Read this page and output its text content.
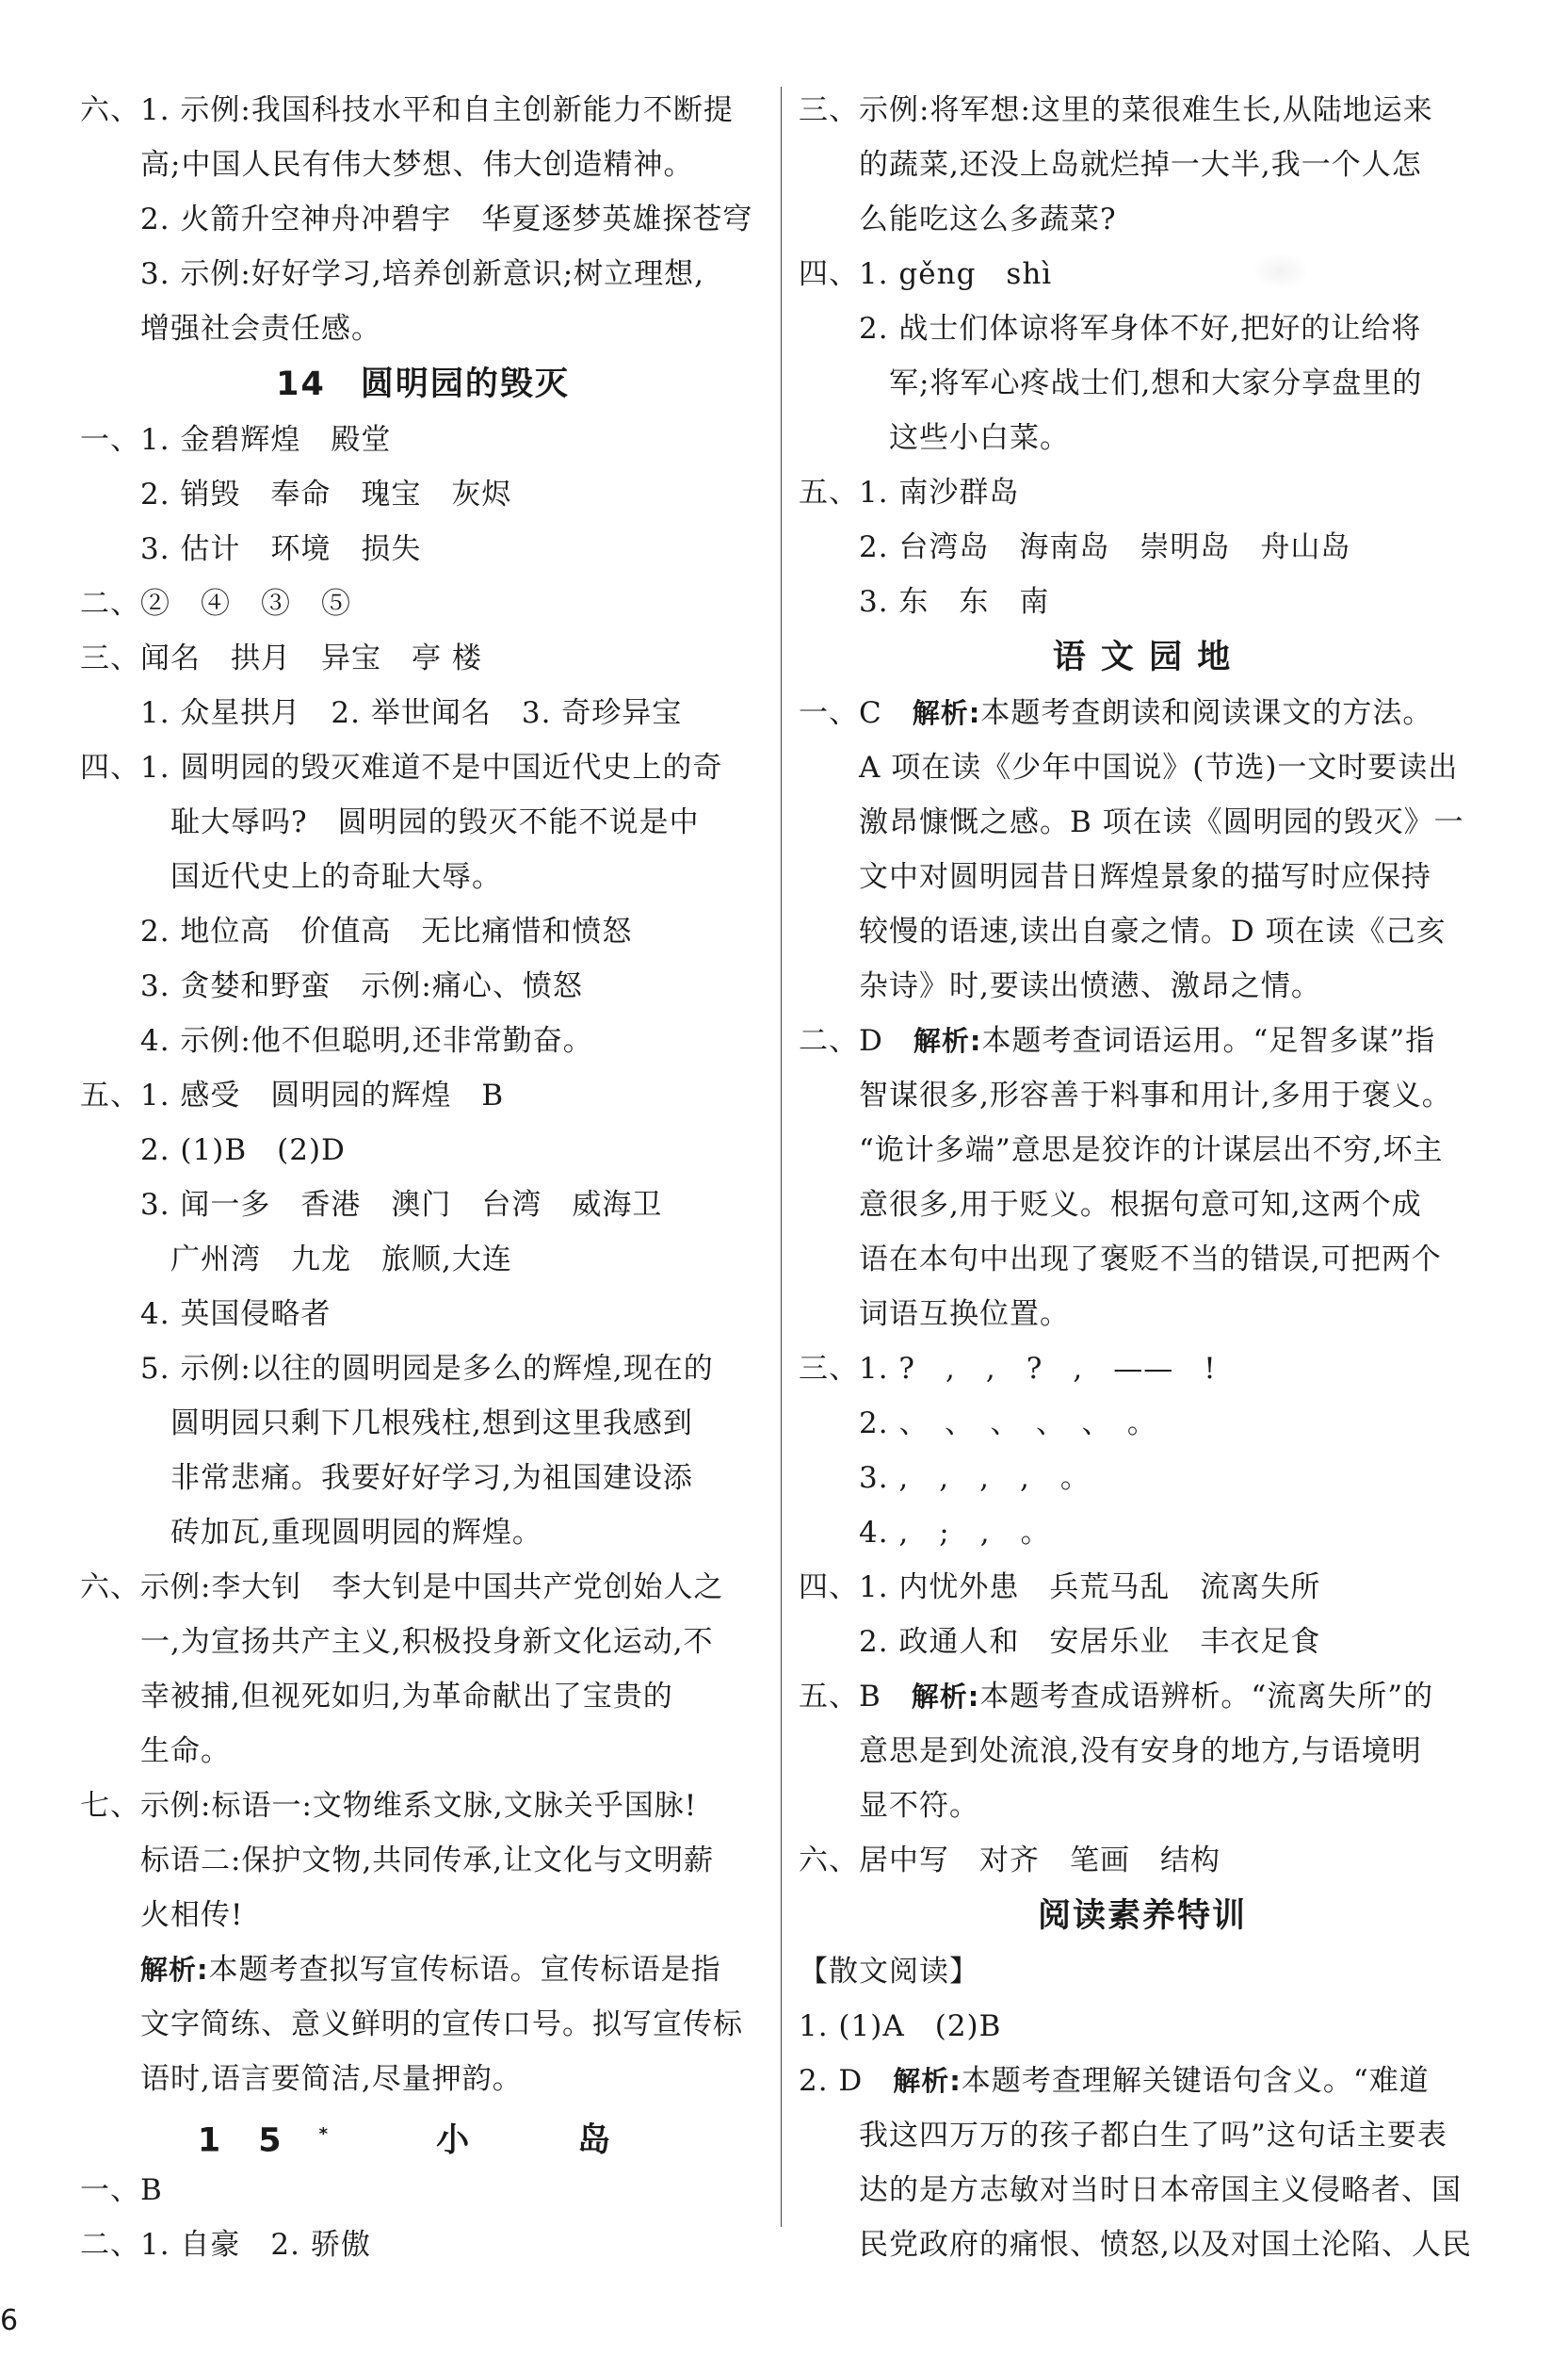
六、1. 示例:我国科技水平和自主创新能力不断提
高;中国人民有伟大梦想、伟大创造精神。
2. 火箭升空神舟冲碧宇　华夏逐梦英雄探苍穹
3. 示例:好好学习,培养创新意识;树立理想,
增强社会责任感。
14　圆明园的毁灭
一、1. 金碧辉煌　殿堂
2. 销毁　奉命　瑰宝　灰烬
3. 估计　环境　损失
二、②　④　③　⑤
三、闻名　拱月　异宝　亭 楼
1. 众星拱月　2. 举世闻名　3. 奇珍异宝
四、1. 圆明园的毁灭难道不是中国近代史上的奇
耻大辱吗?　圆明园的毁灭不能不说是中
国近代史上的奇耻大辱。
2. 地位高　价值高　无比痛惜和愤怒
3. 贪婪和野蛮　示例:痛心、愤怒
4. 示例:他不但聪明,还非常勤奋。
五、1. 感受　圆明园的辉煌　B
2. (1)B　(2)D
3. 闻一多　香港　澳门　台湾　威海卫
广州湾　九龙　旅顺,大连
4. 英国侵略者
5. 示例:以往的圆明园是多么的辉煌,现在的
圆明园只剩下几根残柱,想到这里我感到
非常悲痛。我要好好学习,为祖国建设添
砖加瓦,重现圆明园的辉煌。
六、示例:李大钊　李大钊是中国共产党创始人之
一,为宣扬共产主义,积极投身新文化运动,不
幸被捕,但视死如归,为革命献出了宝贵的
生命。
七、示例:标语一:文物维系文脉,文脉关乎国脉!
标语二:保护文物,共同传承,让文化与文明薪
火相传!
解析:本题考查拟写宣传标语。宣传标语是指
文字简练、意义鲜明的宣传口号。拟写宣传标
语时,语言要简洁,尽量押韵。
15*　 小　岛
一、B
二、1. 自豪　2. 骄傲
三、示例:将军想:这里的菜很难生长,从陆地运来
的蔬菜,还没上岛就烂掉一大半,我一个人怎
么能吃这么多蔬菜?
四、1. gěng　shì
2. 战士们体谅将军身体不好,把好的让给将
军;将军心疼战士们,想和大家分享盘里的
这些小白菜。
五、1. 南沙群岛
2. 台湾岛　海南岛　崇明岛　舟山岛
3. 东　东　南
语 文 园 地
一、C　解析:本题考查朗读和阅读课文的方法。
A 项在读《少年中国说》(节选)一文时要读出
激昂慷慨之感。B 项在读《圆明园的毁灭》一
文中对圆明园昔日辉煌景象的描写时应保持
较慢的语速,读出自豪之情。D 项在读《己亥
杂诗》时,要读出愤懑、激昂之情。
二、D　解析:本题考查词语运用。“足智多谋”指
智谋很多,形容善于料事和用计,多用于褒义。
“诡计多端”意思是狡诈的计谋层出不穷,坏主
意很多,用于贬义。根据句意可知,这两个成
语在本句中出现了褒贬不当的错误,可把两个
词语互换位置。
三、1. ?　,　,　?　,　——　!
2. 、　、　、　、　、　。
3. ,　,　,　,　。
4. ,　;　,　。
四、1. 内忧外患　兵荒马乱　流离失所
2. 政通人和　安居乐业　丰衣足食
五、B　解析:本题考查成语辨析。“流离失所”的
意思是到处流浪,没有安身的地方,与语境明
显不符。
六、居中写　对齐　笔画　结构
阅读素养特训
【散文阅读】
1. (1)A　(2)B
2. D　解析:本题考查理解关键语句含义。“难道
我这四万万的孩子都白生了吗”这句话主要表
达的是方志敏对当时日本帝国主义侵略者、国
民党政府的痛恨、愤怒,以及对国土沦陷、人民
6
